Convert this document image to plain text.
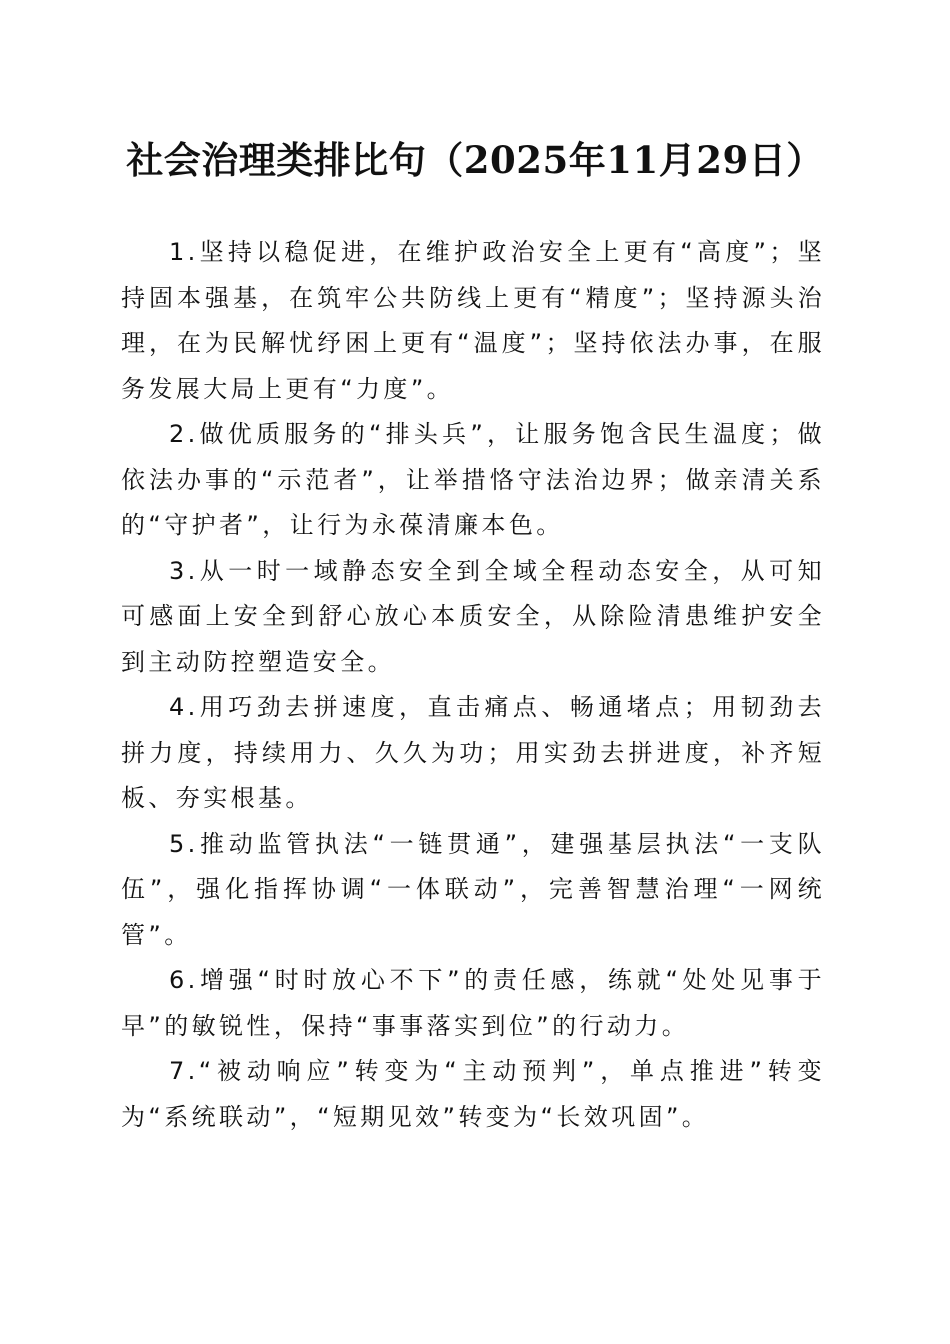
社会治理类排比句（2025年11月29日）

1.坚持以稳促进，在维护政治安全上更有“高度”；坚持固本强基，在筑牢公共防线上更有“精度”；坚持源头治理，在为民解忧纾困上更有“温度”；坚持依法办事，在服务发展大局上更有“力度”。

2.做优质服务的“排头兵”，让服务饱含民生温度；做依法办事的“示范者”，让举措恪守法治边界；做亲清关系的“守护者”，让行为永葆清廉本色。

3.从一时一域静态安全到全域全程动态安全，从可知可感面上安全到舒心放心本质安全，从除险清患维护安全到主动防控塑造安全。

4.用巧劲去拼速度，直击痛点、畅通堵点；用韧劲去拼力度，持续用力、久久为功；用实劲去拼进度，补齐短板、夯实根基。

5.推动监管执法“一链贯通”，建强基层执法“一支队伍”，强化指挥协调“一体联动”，完善智慧治理“一网统管”。

6.增强“时时放心不下”的责任感，练就“处处见事于早”的敏锐性，保持“事事落实到位”的行动力。

7.“被动响应”转变为“主动预判”，单点推进”转变为“系统联动”，“短期见效”转变为“长效巩固”。
